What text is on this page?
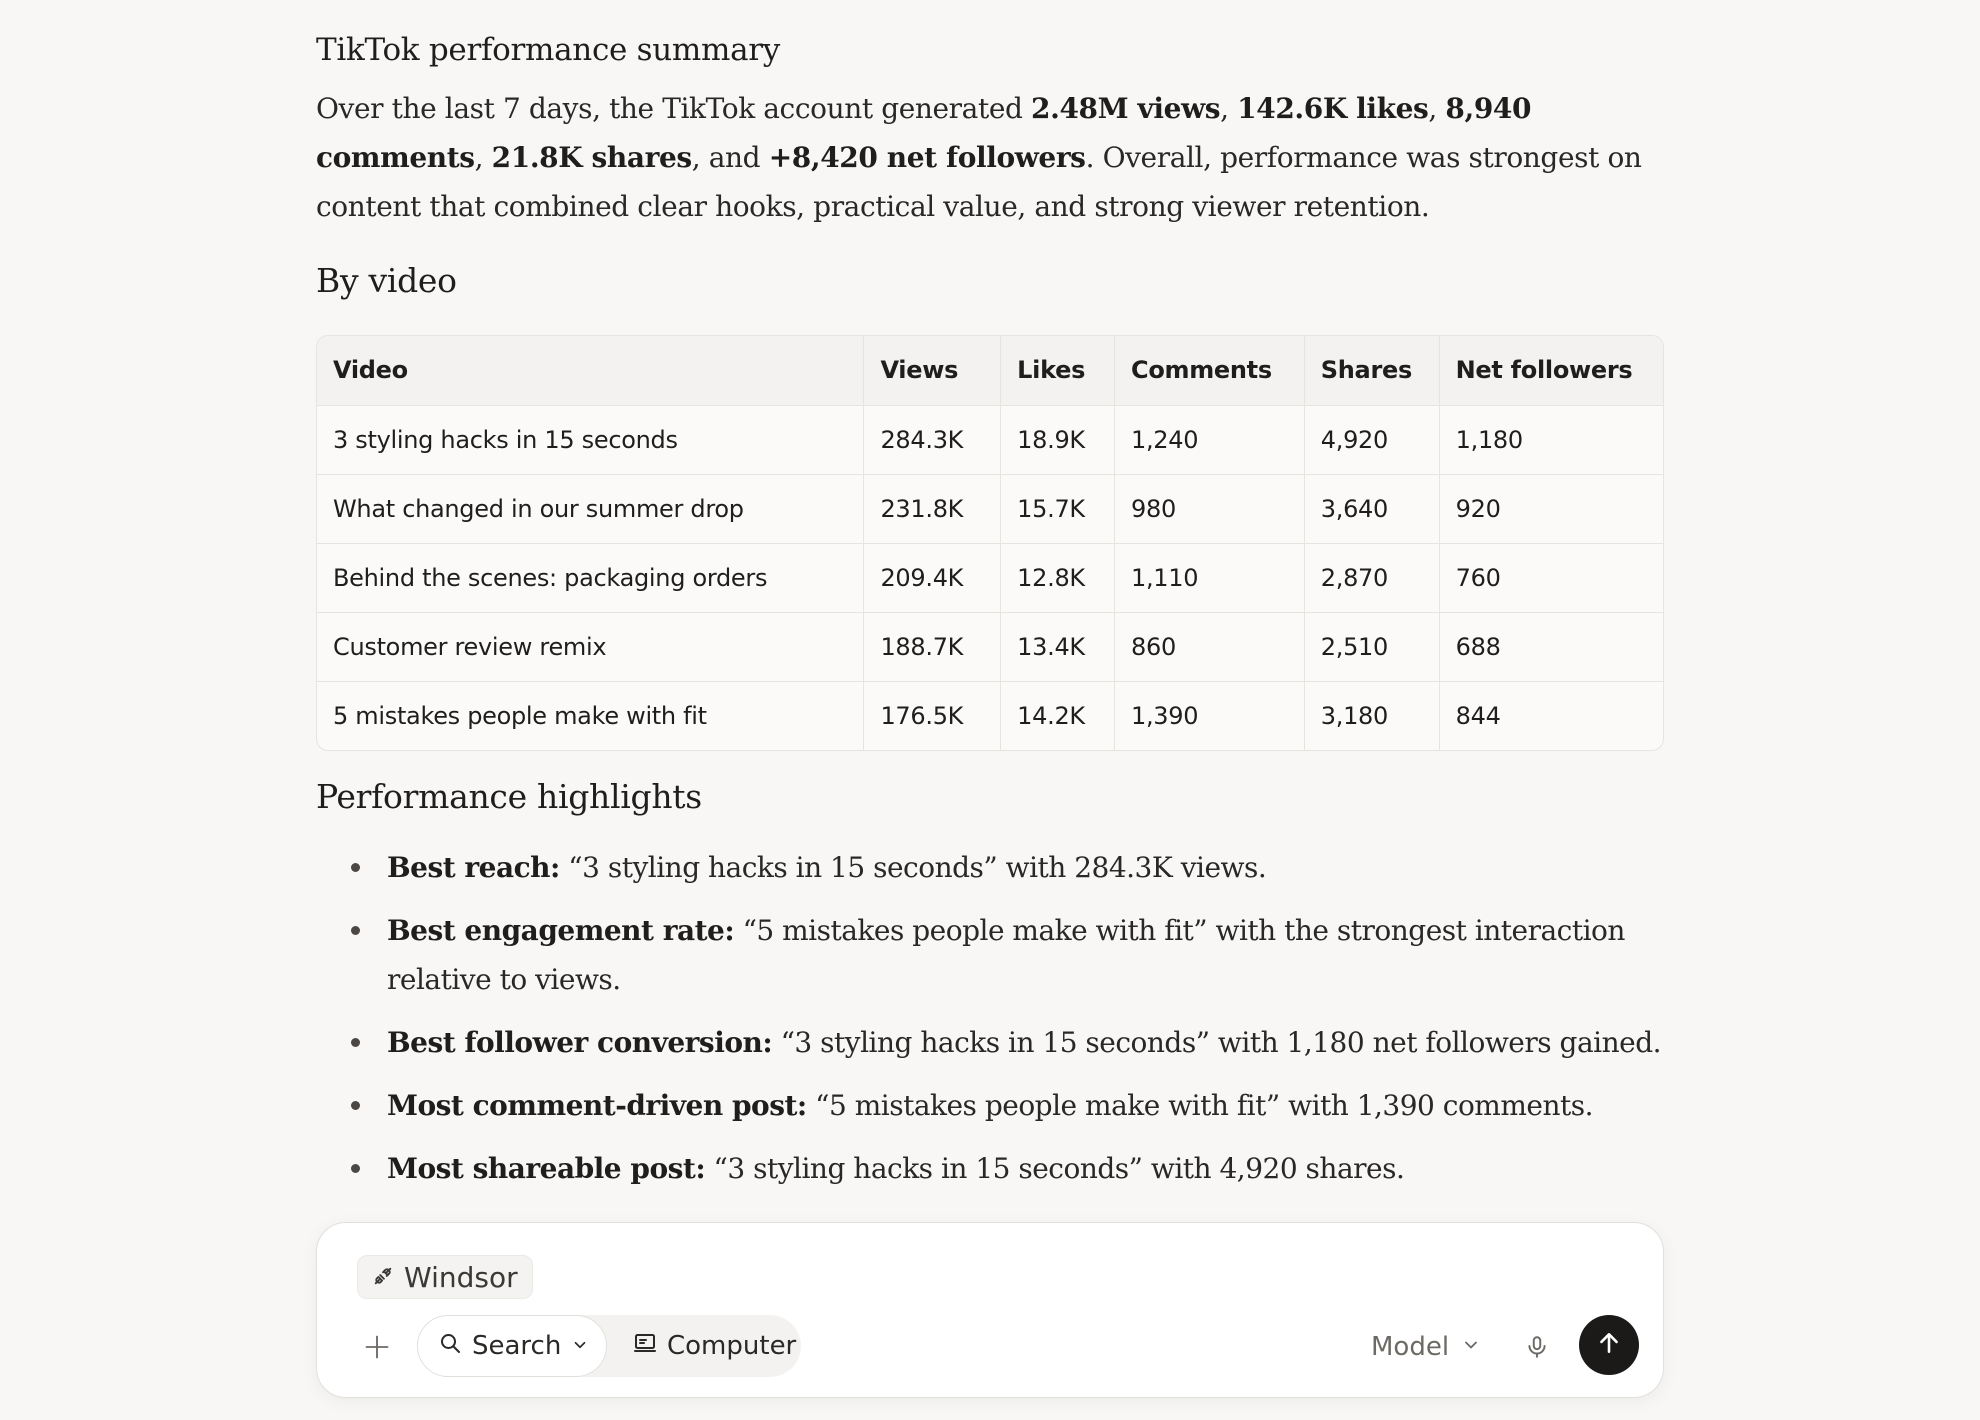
TikTok performance summary

Over the last 7 days, the TikTok account generated 2.48M views, 142.6K likes, 8,940 comments, 21.8K shares, and +8,420 net followers. Overall, performance was strongest on content that combined clear hooks, practical value, and strong viewer retention.

By video
Video	Views	Likes	Comments	Shares	Net followers
3 styling hacks in 15 seconds	284.3K	18.9K	1,240	4,920	1,180
What changed in our summer drop	231.8K	15.7K	980	3,640	920
Behind the scenes: packaging orders	209.4K	12.8K	1,110	2,870	760
Customer review remix	188.7K	13.4K	860	2,510	688
5 mistakes people make with fit	176.5K	14.2K	1,390	3,180	844
Performance highlights
Best reach: “3 styling hacks in 15 seconds” with 284.3K views.
Best engagement rate: “5 mistakes people make with fit” with the strongest interaction relative to views.
Best follower conversion: “3 styling hacks in 15 seconds” with 1,180 net followers gained.
Most comment-driven post: “5 mistakes people make with fit” with 1,390 comments.
Most shareable post: “3 styling hacks in 15 seconds” with 4,920 shares.
Windsor
Search	Computer	Model
